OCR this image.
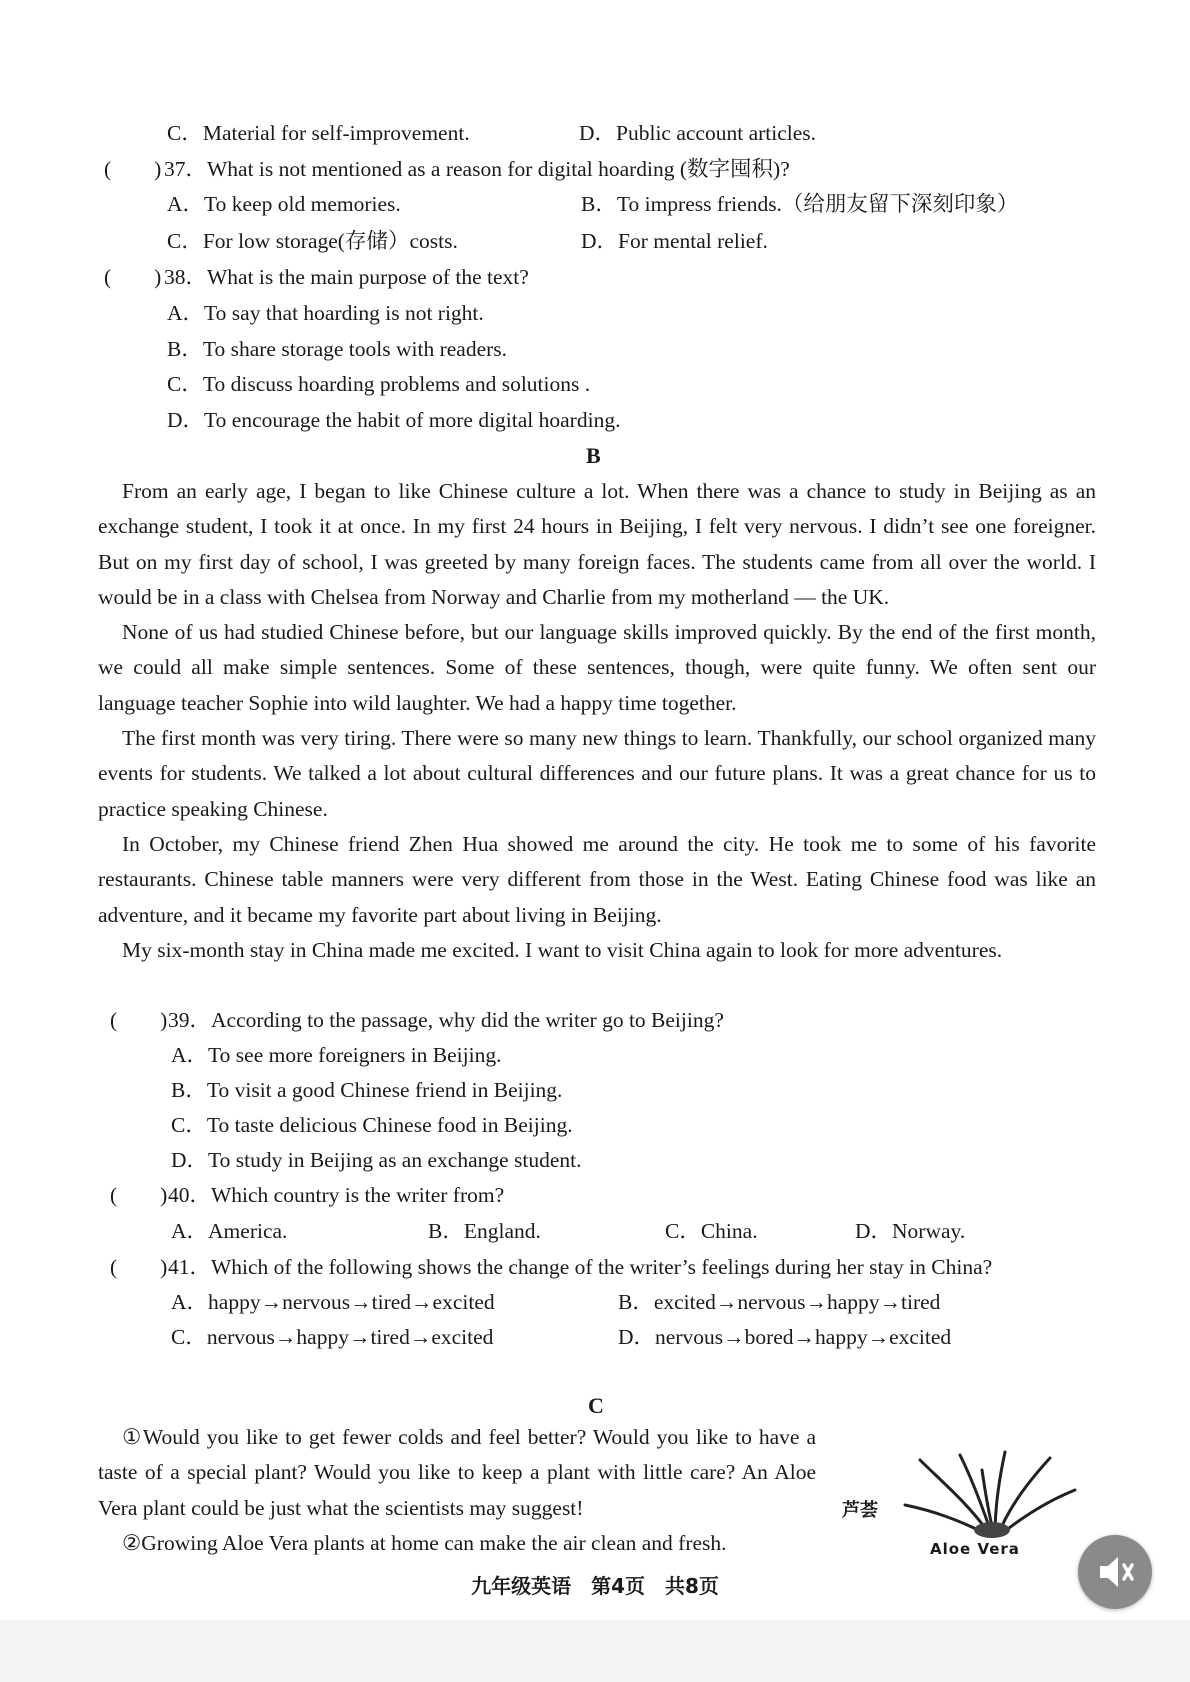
C．Material for self-improvement.	D．Public account articles.
(　　) 37．What is not mentioned as a reason for digital hoarding (数字囤积)?
A．To keep old memories.	B．To impress friends.（给朋友留下深刻印象）
C．For low storage(存储）costs.	D．For mental relief.
(　　) 38．What is the main purpose of the text?
A．To say that hoarding is not right.
B．To share storage tools with readers.
C．To discuss hoarding problems and solutions .
D．To encourage the habit of more digital hoarding.
B

From an early age, I began to like Chinese culture a lot. When there was a chance to study in Beijing as an exchange student, I took it at once. In my first 24 hours in Beijing, I felt very nervous. I didn’t see one foreigner. But on my first day of school, I was greeted by many foreign faces. The students came from all over the world. I would be in a class with Chelsea from Norway and Charlie from my motherland — the UK.

None of us had studied Chinese before, but our language skills improved quickly. By the end of the first month, we could all make simple sentences. Some of these sentences, though, were quite funny. We often sent our language teacher Sophie into wild laughter. We had a happy time together.

The first month was very tiring. There were so many new things to learn. Thankfully, our school organized many events for students. We talked a lot about cultural differences and our future plans. It was a great chance for us to practice speaking Chinese.

In October, my Chinese friend Zhen Hua showed me around the city. He took me to some of his favorite restaurants. Chinese table manners were very different from those in the West. Eating Chinese food was like an adventure, and it became my favorite part about living in Beijing.

My six-month stay in China made me excited. I want to visit China again to look for more adventures.

(　　) 39．According to the passage, why did the writer go to Beijing?
A．To see more foreigners in Beijing.
B．To visit a good Chinese friend in Beijing.
C．To taste delicious Chinese food in Beijing.
D．To study in Beijing as an exchange student.
(　　) 40．Which country is the writer from?
A．America.	B．England.	C．China.	D．Norway.
(　　) 41．Which of the following shows the change of the writer’s feelings during her stay in China?
A．happy→nervous→tired→excited	B．excited→nervous→happy→tired
C．nervous→happy→tired→excited	D．nervous→bored→happy→excited
C

①Would you like to get fewer colds and feel better? Would you like to have a taste of a special plant? Would you like to keep a plant with little care? An Aloe Vera plant could be just what the scientists may suggest!

②Growing Aloe Vera plants at home can make the air clean and fresh.

芦荟
Aloe Vera
九年级英语　第4页　共8页
